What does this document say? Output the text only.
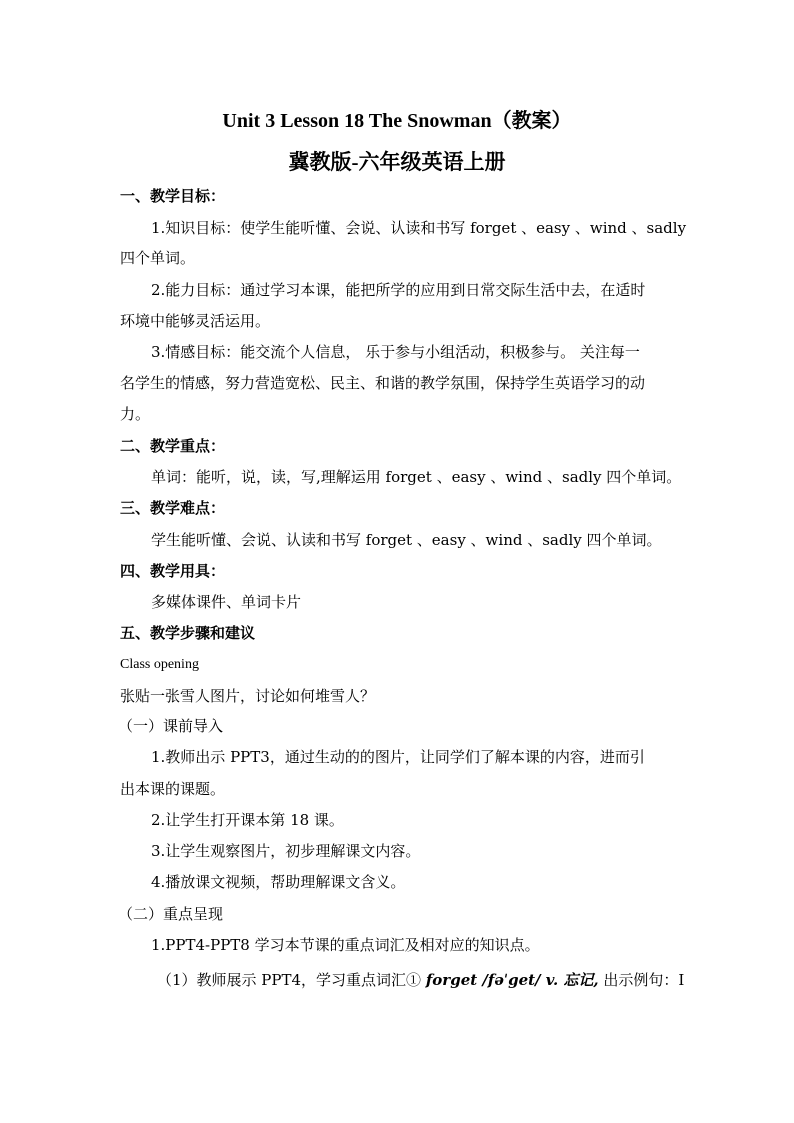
Unit 3 Lesson 18 The Snowman（教案）
冀教版-六年级英语上册
一、教学目标：
1.知识目标：使学生能听懂、会说、认读和书写 forget 、easy 、wind 、sadly
四个单词。
2.能力目标：通过学习本课，能把所学的应用到日常交际生活中去，在适时
环境中能够灵活运用。
3.情感目标：能交流个人信息， 乐于参与小组活动，积极参与。 关注每一
名学生的情感，努力营造宽松、民主、和谐的教学氛围，保持学生英语学习的动
力。
二、教学重点：
单词：能听，说，读，写,理解运用 forget 、easy 、wind 、sadly 四个单词。
三、教学难点：
学生能听懂、会说、认读和书写 forget 、easy 、wind 、sadly 四个单词。
四、教学用具：
多媒体课件、单词卡片
五、教学步骤和建议
Class opening
张贴一张雪人图片，讨论如何堆雪人？
（一）课前导入
1.教师出示 PPT3，通过生动的的图片，让同学们了解本课的内容，进而引
出本课的课题。
2.让学生打开课本第 18 课。
3.让学生观察图片，初步理解课文内容。
4.播放课文视频，帮助理解课文含义。
（二）重点呈现
1.PPT4-PPT8 学习本节课的重点词汇及相对应的知识点。
（1）教师展示 PPT4，学习重点词汇① forget /fəˈget/ v. 忘记, 出示例句：I
